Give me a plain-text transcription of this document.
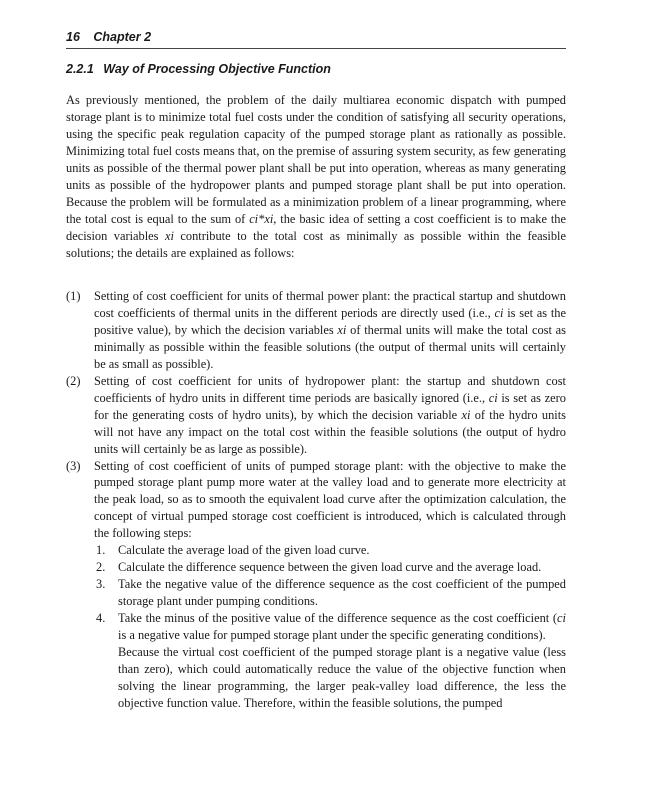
16 Chapter 2
2.2.1 Way of Processing Objective Function

As previously mentioned, the problem of the daily multiarea economic dispatch with pumped storage plant is to minimize total fuel costs under the condition of satisfying all security operations, using the specific peak regulation capacity of the pumped storage plant as rationally as possible. Minimizing total fuel costs means that, on the premise of assuring system security, as few generating units as possible of the thermal power plant shall be put into operation, whereas as many generating units as possible of the hydropower plants and pumped storage plant shall be put into operation. Because the problem will be formulated as a minimization problem of a linear programming, where the total cost is equal to the sum of ci*xi, the basic idea of setting a cost coefficient is to make the decision variables xi contribute to the total cost as minimally as possible within the feasible solutions; the details are explained as follows:

(1) Setting of cost coefficient for units of thermal power plant: the practical startup and shutdown cost coefficients of thermal units in the different periods are directly used (i.e., ci is set as the positive value), by which the decision variables xi of thermal units will make the total cost as minimally as possible within the feasible solutions (the output of thermal units will certainly be as small as possible).
(2) Setting of cost coefficient for units of hydropower plant: the startup and shutdown cost coefficients of hydro units in different time periods are basically ignored (i.e., ci is set as zero for the generating costs of hydro units), by which the decision variable xi of the hydro units will not have any impact on the total cost within the feasible solutions (the output of hydro units will certainly be as large as possible).
(3) Setting of cost coefficient of units of pumped storage plant: with the objective to make the pumped storage plant pump more water at the valley load and to generate more electricity at the peak load, so as to smooth the equivalent load curve after the optimization calculation, the concept of virtual pumped storage cost coefficient is introduced, which is calculated through the following steps:
1. Calculate the average load of the given load curve.
2. Calculate the difference sequence between the given load curve and the average load.
3. Take the negative value of the difference sequence as the cost coefficient of the pumped storage plant under pumping conditions.
4. Take the minus of the positive value of the difference sequence as the cost coefficient (ci is a negative value for pumped storage plant under the specific generating conditions).
Because the virtual cost coefficient of the pumped storage plant is a negative value (less than zero), which could automatically reduce the value of the objective function when solving the linear programming, the larger peak-valley load difference, the less the objective function value. Therefore, within the feasible solutions, the pumped
